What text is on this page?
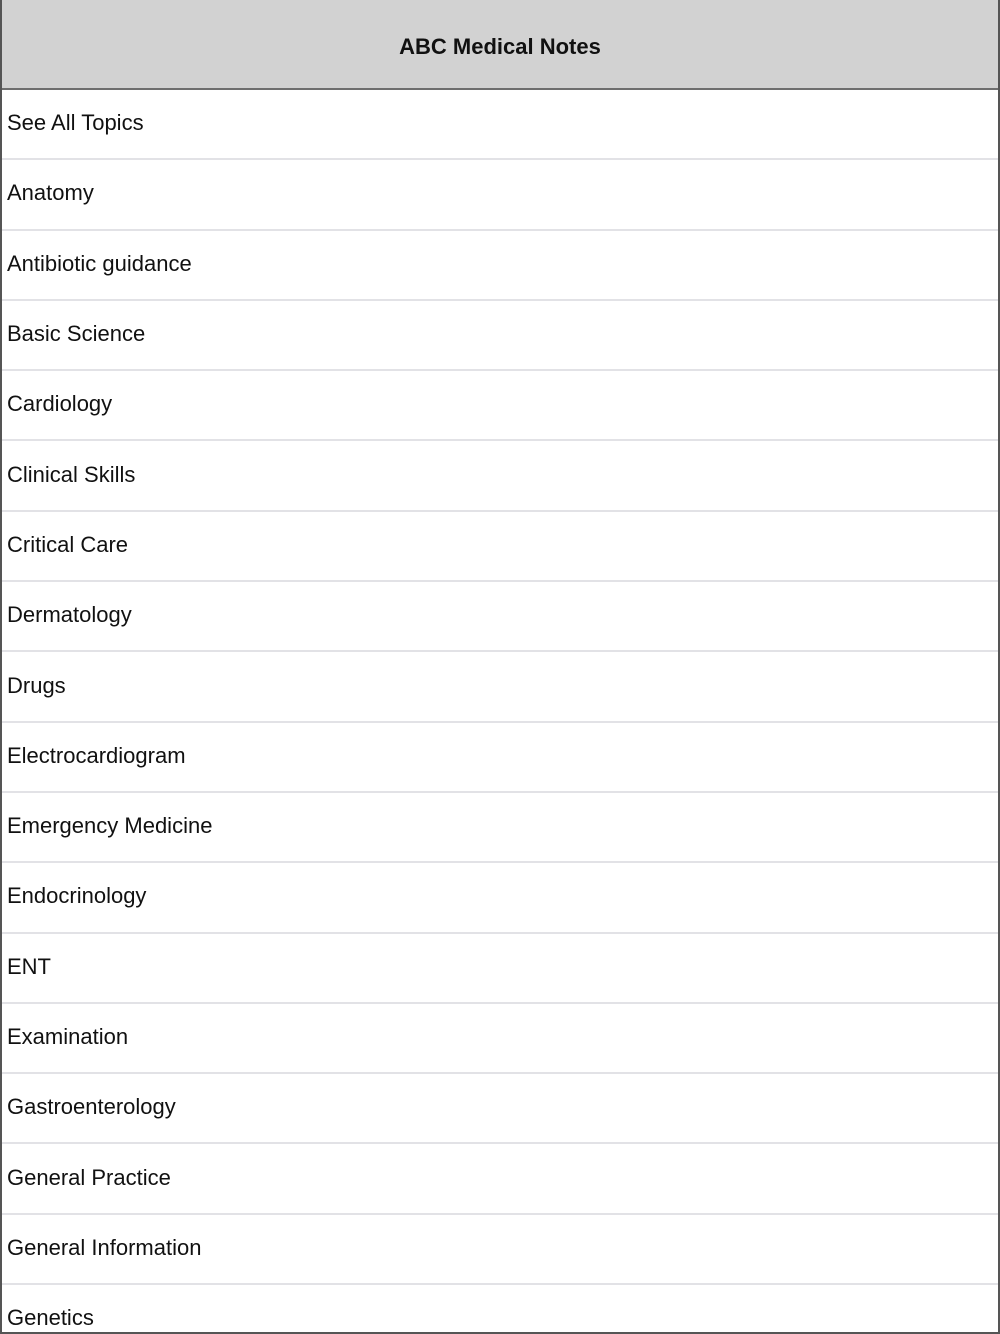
ABC Medical Notes
See All Topics
Anatomy
Antibiotic guidance
Basic Science
Cardiology
Clinical Skills
Critical Care
Dermatology
Drugs
Electrocardiogram
Emergency Medicine
Endocrinology
ENT
Examination
Gastroenterology
General Practice
General Information
Genetics
